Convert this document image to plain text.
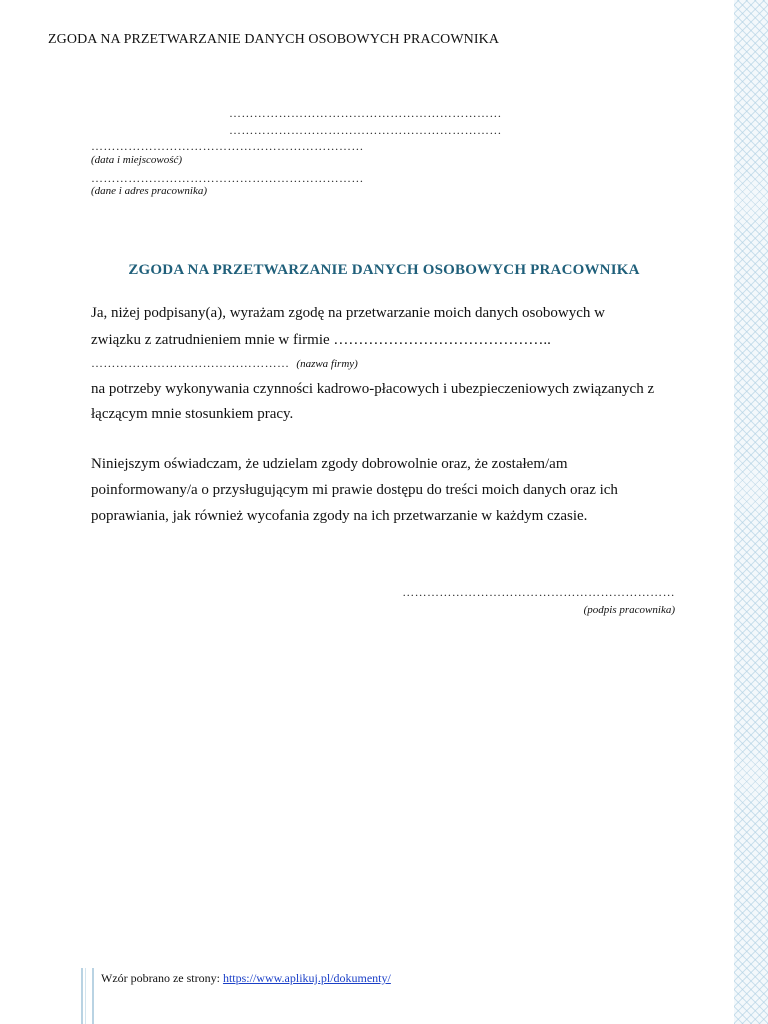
ZGODA NA PRZETWARZANIE DANYCH OSOBOWYCH PRACOWNIKA
…………………………………………………………
…………………………………………………………
…………………………………………………………
(data i miejscowość)
…………………………………………………………
(dane i adres pracownika)
ZGODA NA PRZETWARZANIE DANYCH OSOBOWYCH PRACOWNIKA
Ja, niżej podpisany(a), wyrażam zgodę na przetwarzanie moich danych osobowych w
związku z zatrudnieniem mnie w firmie ……………………………………..
………………………………………… (nazwa firmy)
na potrzeby wykonywania czynności kadrowo-płacowych i ubezpieczeniowych związanych z
łączącym mnie stosunkiem pracy.
Niniejszym oświadczam, że udzielam zgody dobrowolnie oraz, że zostałem/am
poinformowany/a o przysługującym mi prawie dostępu do treści moich danych oraz ich
poprawiania, jak również wycofania zgody na ich przetwarzanie w każdym czasie.
…………………………………………………………
(podpis pracownika)
Wzór pobrano ze strony: https://www.aplikuj.pl/dokumenty/
